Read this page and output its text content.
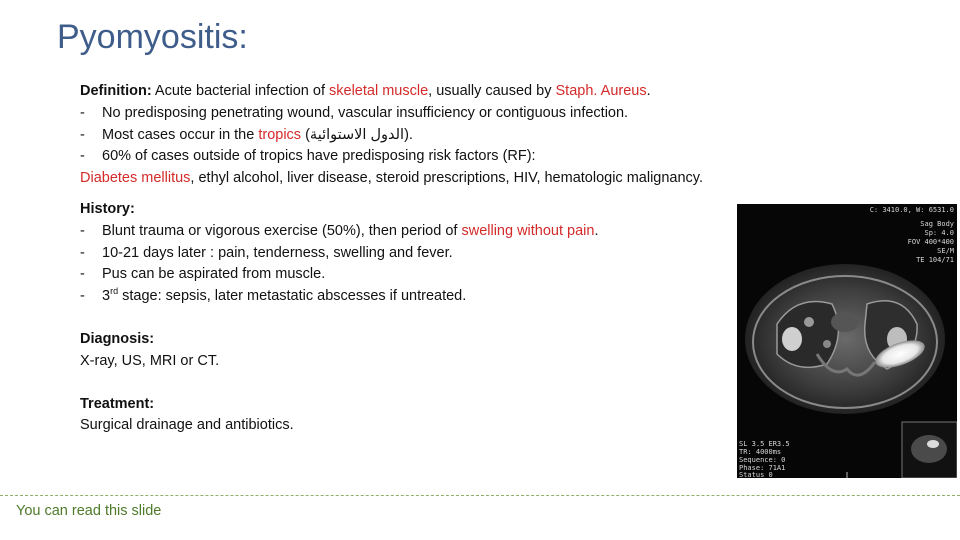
Pyomyositis:
Definition: Acute bacterial infection of skeletal muscle, usually caused by Staph. Aureus.
- No predisposing penetrating wound, vascular insufficiency or contiguous infection.
- Most cases occur in the tropics (الدول الاستوائية).
- 60% of cases outside of tropics have predisposing risk factors (RF):
Diabetes mellitus, ethyl alcohol, liver disease, steroid prescriptions, HIV, hematologic malignancy.
History:
- Blunt trauma or vigorous exercise (50%), then period of swelling without pain.
- 10-21 days later : pain, tenderness, swelling and fever.
- Pus can be aspirated from muscle.
- 3rd stage: sepsis, later metastatic abscesses if untreated.
Diagnosis:
X-ray, US, MRI or CT.
Treatment:
Surgical drainage and antibiotics.
C: 3410.0, W: 6531.0
Sag Body
Sp: 4.0
FOV 400*400
SE/M
TE 104/71
SL 3.5 ER3.5
TR: 4000ms
Sequence: 0
Phase: 71A1
Status 0
You can read this slide
